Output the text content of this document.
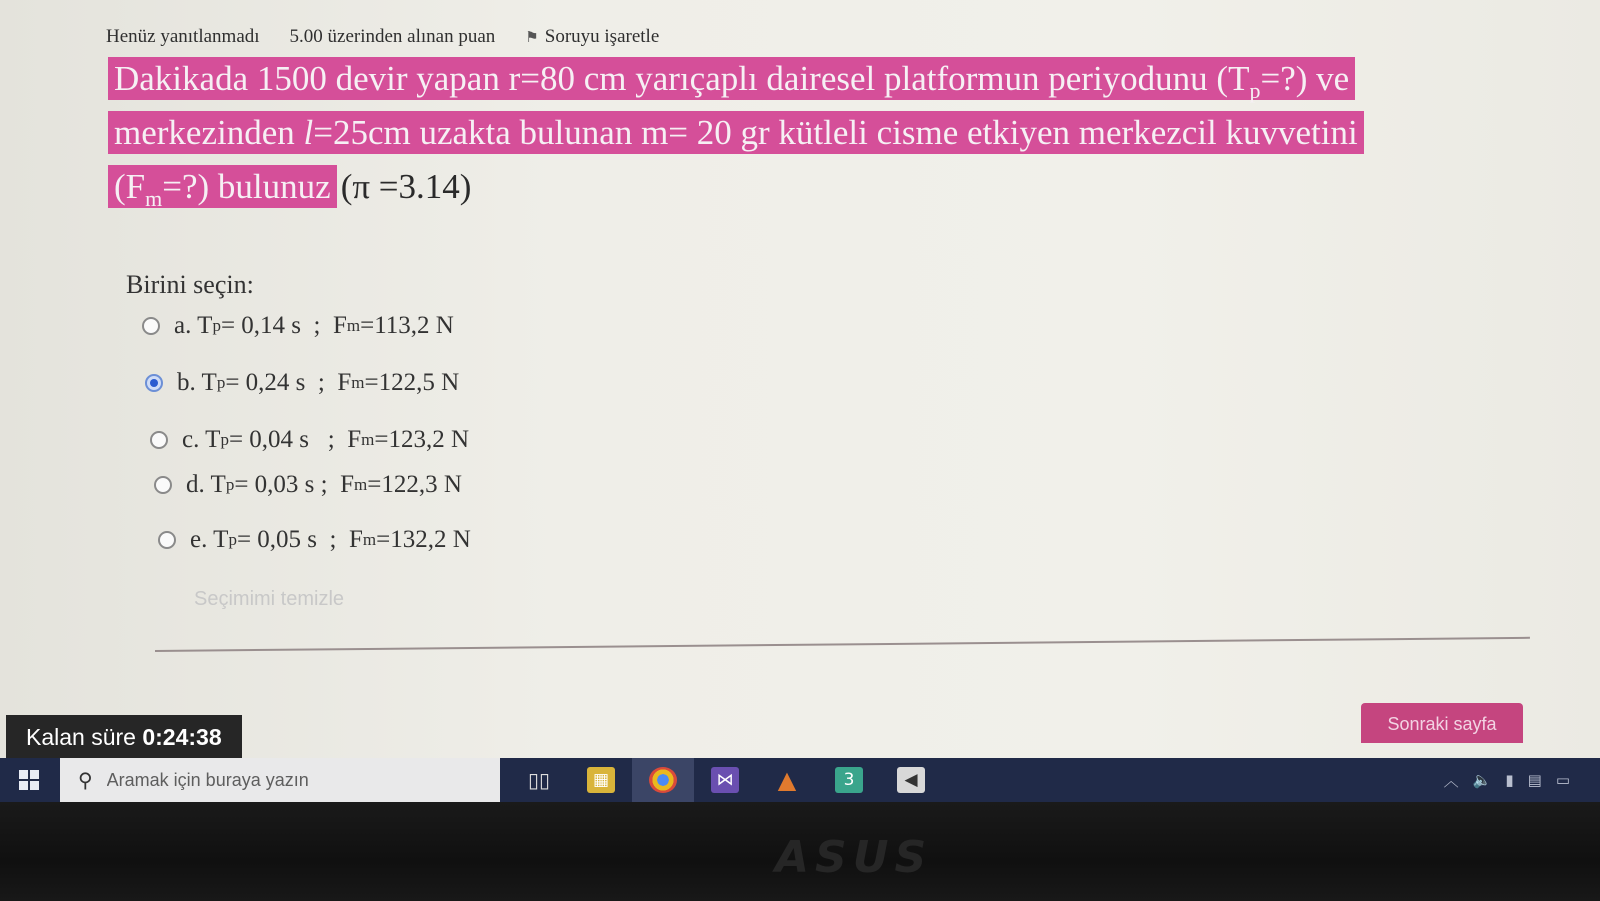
Henüz yanıtlanmadı 5.00 üzerinden alınan puan ⚑ Soruyu işaretle
Dakikada 1500 devir yapan r=80 cm yarıçaplı dairesel platformun periyodunu $(T_p=?)$ ve
merkezinden l=25cm uzakta bulunan m= 20 gr kütleli cisme etkiyen merkezcil kuvvetini
$(F_m=?)$ bulunuz (π =3.14)
Birini seçin:
a. T p = 0,14 s  ; F m =113,2 N
b. T p = 0,24 s  ; F m =122,5 N
c. T p = 0,04 s   ; F m =123,2 N
d. T p = 0,03 s ; F m =122,3 N
e. T p = 0,05 s  ; F m =132,2 N
Seçimimi temizle
Sonraki sayfa
Kalan süre 0:24:38
⚲
Aramak için buraya yazın	▯▯	▦	⋈ ▲	3	◀	︿ 🔈 ▮ ▤ ▭
ASUS
